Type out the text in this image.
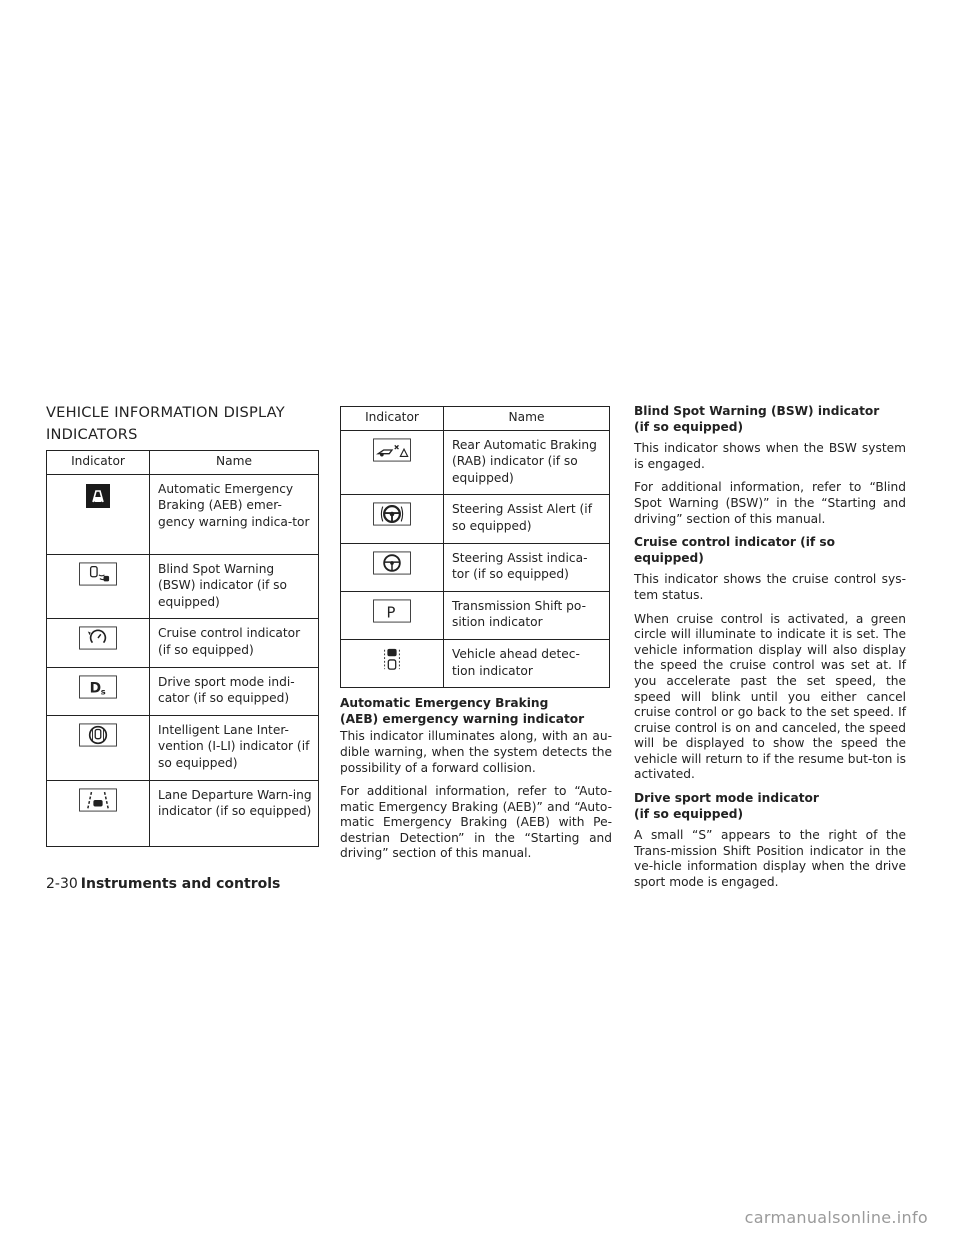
VEHICLE INFORMATION DISPLAY INDICATORS
Indicator	Name
	Automatic Emergency Braking (AEB) emer-gency warning indica-tor
	Blind Spot Warning (BSW) indicator (if so equipped)
	Cruise control indicator (if so equipped)

D s	Drive sport mode indi-cator (if so equipped)
	Intelligent Lane Inter-vention (I-LI) indicator (if so equipped)
	Lane Departure Warn-ing indicator (if so equipped)
Indicator	Name
	Rear Automatic Braking (RAB) indicator (if so equipped)
	Steering Assist Alert (if so equipped)
	Steering Assist indica-tor (if so equipped)

P	Transmission Shift po-sition indicator
	Vehicle ahead detec-tion indicator

Automatic Emergency Braking (AEB) emergency warning indicator

This indicator illuminates along, with an au-dible warning, when the system detects the possibility of a forward collision.

For additional information, refer to “Auto-matic Emergency Braking (AEB)” and “Auto-matic Emergency Braking (AEB) with Pe-destrian Detection” in the “Starting and driving” section of this manual.

Blind Spot Warning (BSW) indicator (if so equipped)

This indicator shows when the BSW system is engaged.

For additional information, refer to “Blind Spot Warning (BSW)” in the “Starting and driving” section of this manual.

Cruise control indicator (if so equipped)

This indicator shows the cruise control sys-tem status.

When cruise control is activated, a green circle will illuminate to indicate it is set. The vehicle information display will also display the speed the cruise control was set at. If you accelerate past the set speed, the speed will blink until you either cancel cruise control or go back to the set speed. If cruise control is on and canceled, the speed will be displayed to show the speed the vehicle will return to if the resume but-ton is activated.

Drive sport mode indicator (if so equipped)

A small “S” appears to the right of the Trans-mission Shift Position indicator in the ve-hicle information display when the drive sport mode is engaged.

2-30 Instruments and controls
carmanualsonline.info
